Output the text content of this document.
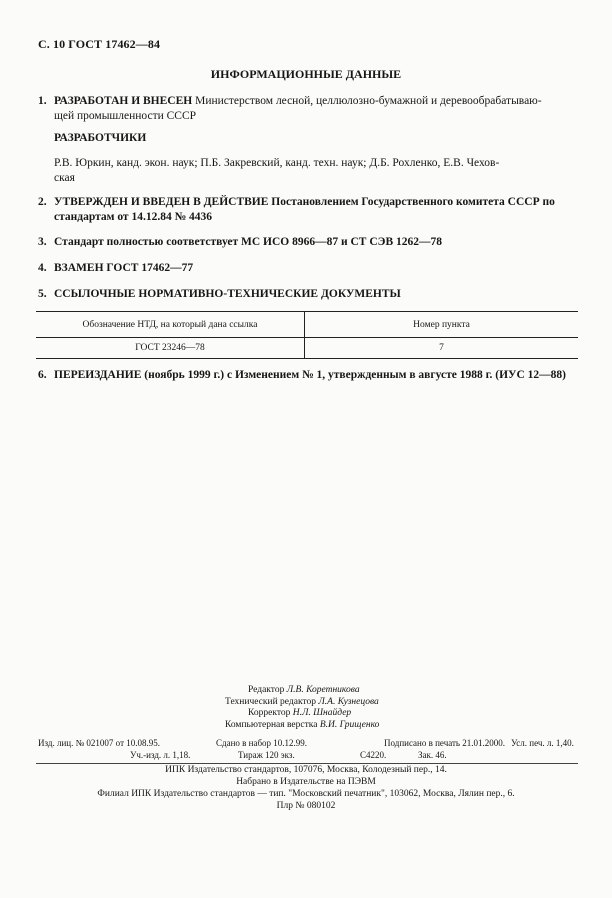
С. 10 ГОСТ 17462—84
ИНФОРМАЦИОННЫЕ ДАННЫЕ
1. РАЗРАБОТАН И ВНЕСЕН Министерством лесной, целлюлозно-бумажной и деревообрабатываю-
щей промышленности СССР
РАЗРАБОТЧИКИ
Р.В. Юркин, канд. экон. наук; П.Б. Закревский, канд. техн. наук; Д.Б. Рохленко, Е.В. Чехов-
ская
2. УТВЕРЖДЕН И ВВЕДЕН В ДЕЙСТВИЕ Постановлением Государственного комитета СССР по
стандартам от 14.12.84 № 4436
3. Стандарт полностью соответствует МС ИСО 8966—87 и СТ СЭВ 1262—78
4. ВЗАМЕН ГОСТ 17462—77
5. ССЫЛОЧНЫЕ НОРМАТИВНО-ТЕХНИЧЕСКИЕ ДОКУМЕНТЫ
Обозначение НТД, на который дана ссылка	Номер пункта
ГОСТ 23246—78	7
6. ПЕРЕИЗДАНИЕ (ноябрь 1999 г.) с Изменением № 1, утвержденным в августе 1988 г. (ИУС 12—88)
Редактор Л.В. Коретникова
Технический редактор Л.А. Кузнецова
Корректор Н.Л. Шнайдер
Компьютерная верстка В.И. Грищенко
Изд. лиц. № 021007 от 10.08.95.	Сдано в набор 10.12.99.	Подписано в печать 21.01.2000. Усл. печ. л. 1,40.
Уч.-изд. л. 1,18.	Тираж 120 экз.	С4220.	Зак. 46.
ИПК Издательство стандартов, 107076, Москва, Колодезный пер., 14.
Набрано в Издательстве на ПЭВМ
Филиал ИПК Издательство стандартов — тип. "Московский печатник", 103062, Москва, Лялин пер., 6.
Плр № 080102
